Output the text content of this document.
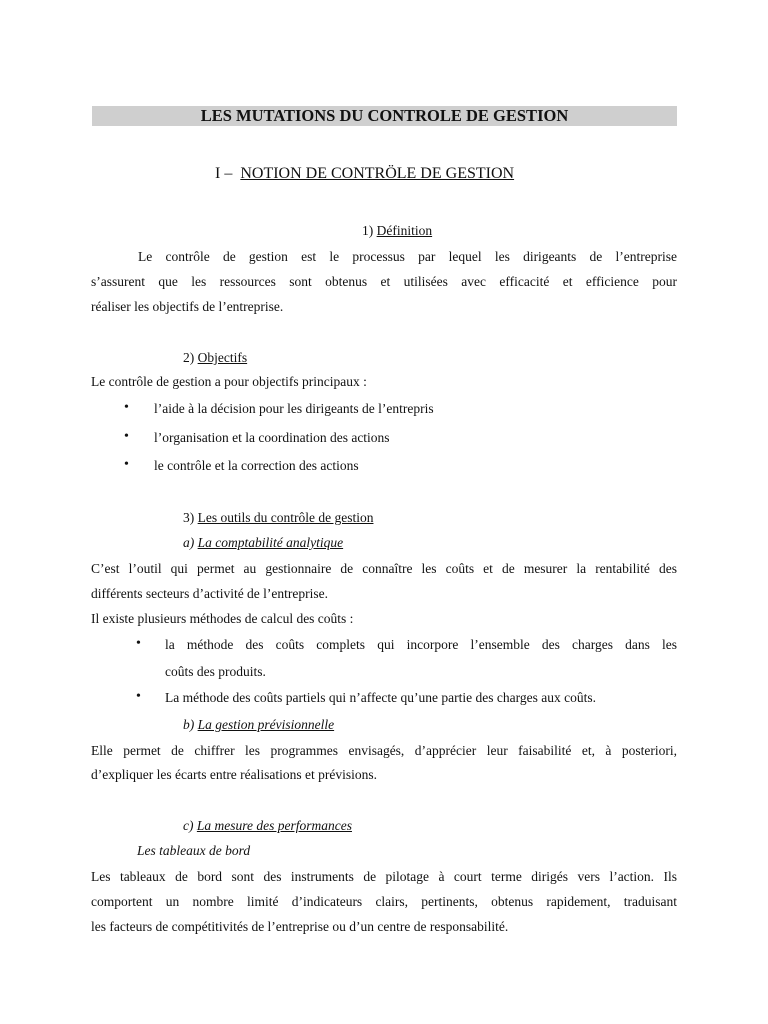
LES MUTATIONS DU CONTROLE DE GESTION
I – NOTION DE CONTRÖLE DE GESTION
1) Définition
Le contrôle de gestion est le processus par lequel les dirigeants de l’entreprise
s’assurent que les ressources sont obtenus et utilisées avec efficacité et efficience pour
réaliser les objectifs de l’entreprise.
2) Objectifs
Le contrôle de gestion a pour objectifs principaux :
• l’aide à la décision pour les dirigeants de l’entrepris
• l’organisation et la coordination des actions
• le contrôle et la correction des actions
3) Les outils du contrôle de gestion
a) La comptabilité analytique
C’est l’outil qui permet au gestionnaire de connaître les coûts et de mesurer la rentabilité des
différents secteurs d’activité de l’entreprise.
Il existe plusieurs méthodes de calcul des coûts :
• la méthode des coûts complets qui incorpore l’ensemble des charges dans les
coûts des produits.
• La méthode des coûts partiels qui n’affecte qu’une partie des charges aux coûts.
b) La gestion prévisionnelle
Elle permet de chiffrer les programmes envisagés, d’apprécier leur faisabilité et, à posteriori,
d’expliquer les écarts entre réalisations et prévisions.
c) La mesure des performances
Les tableaux de bord
Les tableaux de bord sont des instruments de pilotage à court terme dirigés vers l’action. Ils
comportent un nombre limité d’indicateurs clairs, pertinents, obtenus rapidement, traduisant
les facteurs de compétitivités de l’entreprise ou d’un centre de responsabilité.
